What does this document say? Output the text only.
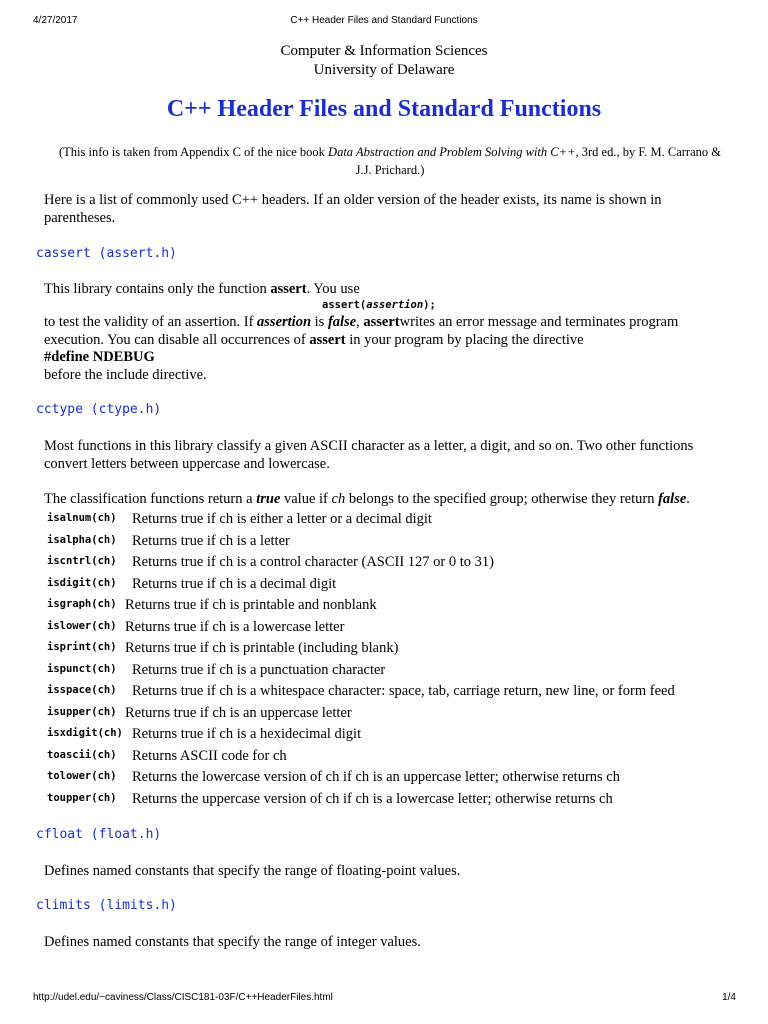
4/27/2017	C++ Header Files and Standard Functions
Computer & Information Sciences
University of Delaware
C++ Header Files and Standard Functions
(This info is taken from Appendix C of the nice book Data Abstraction and Problem Solving with C++, 3rd ed., by F. M. Carrano &
J.J. Prichard.)
Here is a list of commonly used C++ headers. If an older version of the header exists, its name is shown in parentheses.
cassert (assert.h)
This library contains only the function assert. You use
assert(assertion);
to test the validity of an assertion. If assertion is false, assertwrites an error message and terminates program
execution. You can disable all occurrences of assert in your program by placing the directive
#define NDEBUG
before the include directive.
cctype (ctype.h)
Most functions in this library classify a given ASCII character as a letter, a digit, and so on. Two other functions convert letters between uppercase and lowercase.
The classification functions return a true value if ch belongs to the specified group; otherwise they return false.
isalnum(ch) Returns true if ch is either a letter or a decimal digit
isalpha(ch) Returns true if ch is a letter
iscntrl(ch) Returns true if ch is a control character (ASCII 127 or 0 to 31)
isdigit(ch) Returns true if ch is a decimal digit
isgraph(ch) Returns true if ch is printable and nonblank
islower(ch) Returns true if ch is a lowercase letter
isprint(ch) Returns true if ch is printable (including blank)
ispunct(ch) Returns true if ch is a punctuation character
isspace(ch) Returns true if ch is a whitespace character: space, tab, carriage return, new line, or form feed
isupper(ch) Returns true if ch is an uppercase letter
isxdigit(ch) Returns true if ch is a hexidecimal digit
toascii(ch) Returns ASCII code for ch
tolower(ch) Returns the lowercase version of ch if ch is an uppercase letter; otherwise returns ch
toupper(ch) Returns the uppercase version of ch if ch is a lowercase letter; otherwise returns ch
cfloat (float.h)
Defines named constants that specify the range of floating-point values.
climits (limits.h)
Defines named constants that specify the range of integer values.
http://udel.edu/~caviness/Class/CISC181-03F/C++HeaderFiles.html	1/4
